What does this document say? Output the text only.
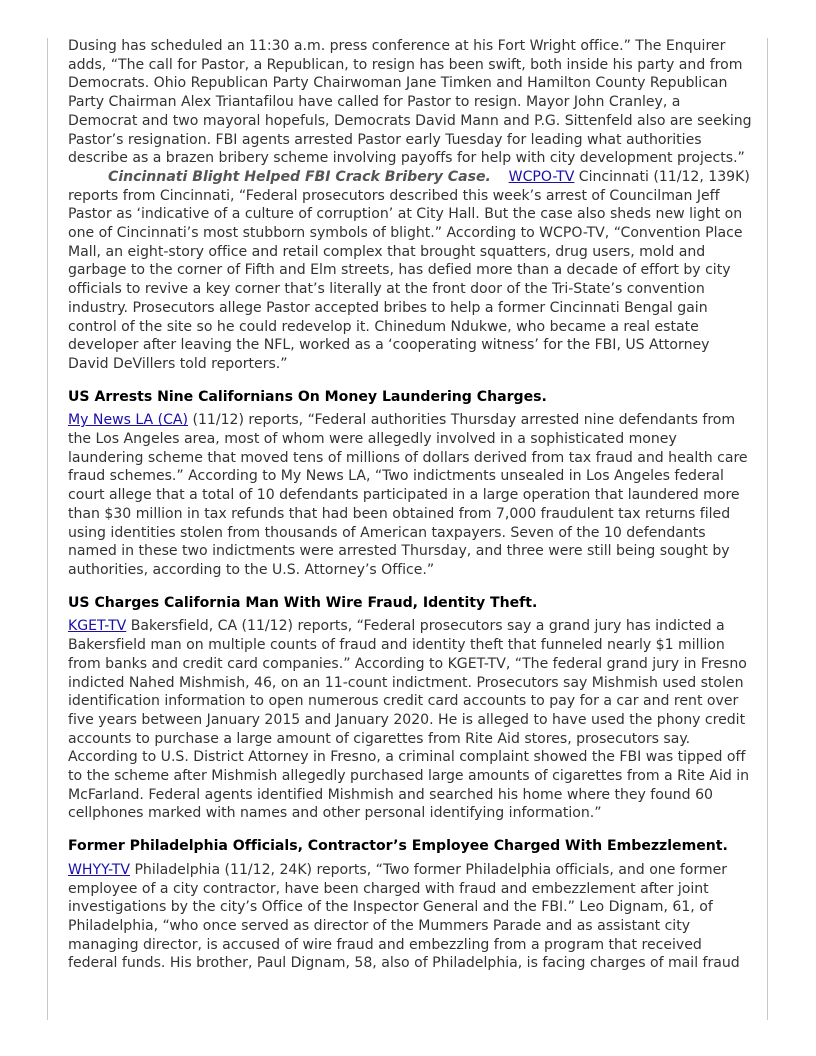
Dusing has scheduled an 11:30 a.m. press conference at his Fort Wright office.” The Enquirer adds, “The call for Pastor, a Republican, to resign has been swift, both inside his party and from Democrats. Ohio Republican Party Chairwoman Jane Timken and Hamilton County Republican Party Chairman Alex Triantafilou have called for Pastor to resign. Mayor John Cranley, a Democrat and two mayoral hopefuls, Democrats David Mann and P.G. Sittenfeld also are seeking Pastor’s resignation. FBI agents arrested Pastor early Tuesday for leading what authorities describe as a brazen bribery scheme involving payoffs for help with city development projects.”

Cincinnati Blight Helped FBI Crack Bribery Case. WCPO-TV Cincinnati (11/12, 139K) reports from Cincinnati, “Federal prosecutors described this week’s arrest of Councilman Jeff Pastor as ‘indicative of a culture of corruption’ at City Hall. But the case also sheds new light on one of Cincinnati’s most stubborn symbols of blight.” According to WCPO-TV, “Convention Place Mall, an eight-story office and retail complex that brought squatters, drug users, mold and garbage to the corner of Fifth and Elm streets, has defied more than a decade of effort by city officials to revive a key corner that’s literally at the front door of the Tri-State’s convention industry. Prosecutors allege Pastor accepted bribes to help a former Cincinnati Bengal gain control of the site so he could redevelop it. Chinedum Ndukwe, who became a real estate developer after leaving the NFL, worked as a ‘cooperating witness’ for the FBI, US Attorney David DeVillers told reporters.”

US Arrests Nine Californians On Money Laundering Charges.

My News LA (CA) (11/12) reports, “Federal authorities Thursday arrested nine defendants from the Los Angeles area, most of whom were allegedly involved in a sophisticated money laundering scheme that moved tens of millions of dollars derived from tax fraud and health care fraud schemes.” According to My News LA, “Two indictments unsealed in Los Angeles federal court allege that a total of 10 defendants participated in a large operation that laundered more than $30 million in tax refunds that had been obtained from 7,000 fraudulent tax returns filed using identities stolen from thousands of American taxpayers. Seven of the 10 defendants named in these two indictments were arrested Thursday, and three were still being sought by authorities, according to the U.S. Attorney’s Office.”

US Charges California Man With Wire Fraud, Identity Theft.

KGET-TV Bakersfield, CA (11/12) reports, “Federal prosecutors say a grand jury has indicted a Bakersfield man on multiple counts of fraud and identity theft that funneled nearly $1 million from banks and credit card companies.” According to KGET-TV, “The federal grand jury in Fresno indicted Nahed Mishmish, 46, on an 11-count indictment. Prosecutors say Mishmish used stolen identification information to open numerous credit card accounts to pay for a car and rent over five years between January 2015 and January 2020. He is alleged to have used the phony credit accounts to purchase a large amount of cigarettes from Rite Aid stores, prosecutors say. According to U.S. District Attorney in Fresno, a criminal complaint showed the FBI was tipped off to the scheme after Mishmish allegedly purchased large amounts of cigarettes from a Rite Aid in McFarland. Federal agents identified Mishmish and searched his home where they found 60 cellphones marked with names and other personal identifying information.”

Former Philadelphia Officials, Contractor’s Employee Charged With Embezzlement.

WHYY-TV Philadelphia (11/12, 24K) reports, “Two former Philadelphia officials, and one former employee of a city contractor, have been charged with fraud and embezzlement after joint investigations by the city’s Office of the Inspector General and the FBI.” Leo Dignam, 61, of Philadelphia, “who once served as director of the Mummers Parade and as assistant city managing director, is accused of wire fraud and embezzling from a program that received federal funds. His brother, Paul Dignam, 58, also of Philadelphia, is facing charges of mail fraud
